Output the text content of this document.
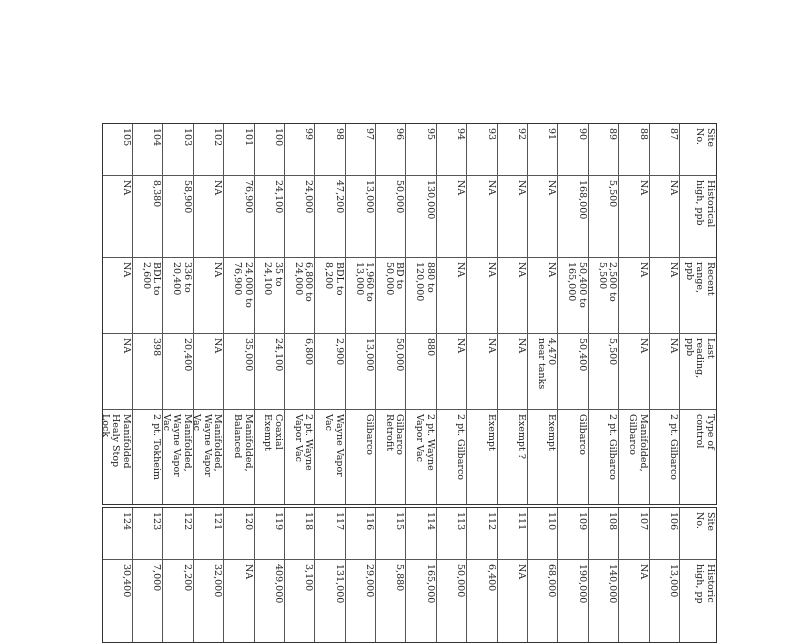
Site
No.
Historical
high, ppb
Recent
range,
ppb
Last
reading,
ppb
Type of
control
87
NA
NA
NA
2 pt. Gilbarco
88
NA
NA
NA
Manifolded,
Gilbarco
89
5,500
2,500 to
5,500
5,500
2 pt. Gilbarco
90
168,000
50,400 to
165,000
50,400
Gilbarco
91
NA
NA
4,470
near tanks
Exempt
92
NA
NA
NA
Exempt ?
93
NA
NA
NA
Exempt
94
NA
NA
NA
2 pt. Gilbarco
95
130,000
880 to
120,000
880
2 pt. Wayne
Vapor Vac
96
50,000
BD to
50,000
50,000
Gilbarco
Retrofit
97
13,000
1,960 to
13,000
13,000
Gilbarco
98
47,200
BDL to
8,200
2,900
Wayne Vapor
Vac
99
24,000
6,800 to
24,000
6,800
2 pt. Wayne
Vapor Vac
100
24,100
35 to
24,100
24,100
Coaxial
Exempt
101
76,900
24,000 to
76,900
35,000
Manifolded,
Balanced
102
NA
NA
NA
Manifolded,
Wayne Vapor
Vac
103
58,900
336 to
20,400
20,400
Manifolded,
Wayne Vapor
Vac
104
8,380
BDL to
2,600
398
2 pt. Tokheim
105
NA
NA
NA
Manifolded
Healy Stop
Lock
Site
No.
Historic
high, pp
106
13,000
107
NA
108
140,000
109
190,000
110
68,000
111
NA
112
6,400
113
50,000
114
165,000
115
5,880
116
29,000
117
131,000
118
3,100
119
409,000
120
NA
121
32,000
122
2,200
123
7,000
124
30,400
